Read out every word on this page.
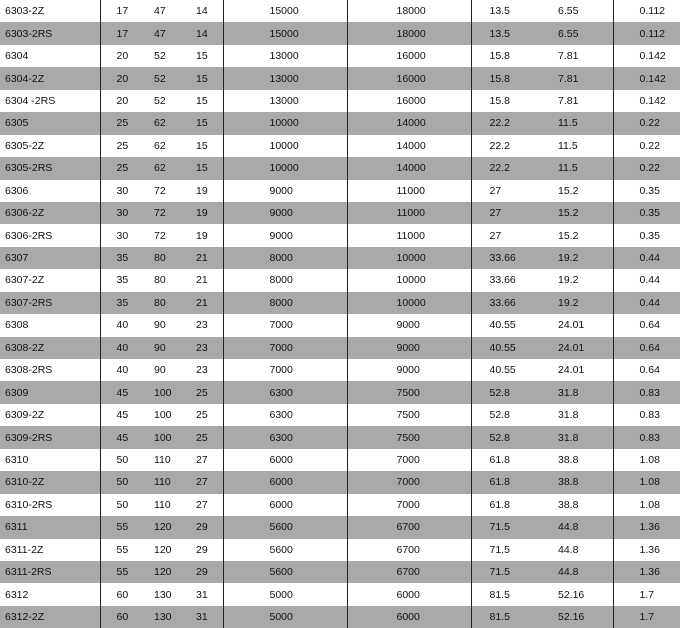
6303-2Z	17	47	14	15000	18000	13.5	6.55	0.112
6303-2RS	17	47	14	15000	18000	13.5	6.55	0.112
6304	20	52	15	13000	16000	15.8	7.81	0.142
6304-2Z	20	52	15	13000	16000	15.8	7.81	0.142
6304 -2RS	20	52	15	13000	16000	15.8	7.81	0.142
6305	25	62	15	10000	14000	22.2	11.5	0.22
6305-2Z	25	62	15	10000	14000	22.2	11.5	0.22
6305-2RS	25	62	15	10000	14000	22.2	11.5	0.22
6306	30	72	19	9000	11000	27	15.2	0.35
6306-2Z	30	72	19	9000	11000	27	15.2	0.35
6306-2RS	30	72	19	9000	11000	27	15.2	0.35
6307	35	80	21	8000	10000	33.66	19.2	0.44
6307-2Z	35	80	21	8000	10000	33.66	19.2	0.44
6307-2RS	35	80	21	8000	10000	33.66	19.2	0.44
6308	40	90	23	7000	9000	40.55	24.01	0.64
6308-2Z	40	90	23	7000	9000	40.55	24.01	0.64
6308-2RS	40	90	23	7000	9000	40.55	24.01	0.64
6309	45	100	25	6300	7500	52.8	31.8	0.83
6309-2Z	45	100	25	6300	7500	52.8	31.8	0.83
6309-2RS	45	100	25	6300	7500	52.8	31.8	0.83
6310	50	110	27	6000	7000	61.8	38.8	1.08
6310-2Z	50	110	27	6000	7000	61.8	38.8	1.08
6310-2RS	50	110	27	6000	7000	61.8	38.8	1.08
6311	55	120	29	5600	6700	71.5	44.8	1.36
6311-2Z	55	120	29	5600	6700	71.5	44.8	1.36
6311-2RS	55	120	29	5600	6700	71.5	44.8	1.36
6312	60	130	31	5000	6000	81.5	52.16	1.7
6312-2Z	60	130	31	5000	6000	81.5	52.16	1.7
